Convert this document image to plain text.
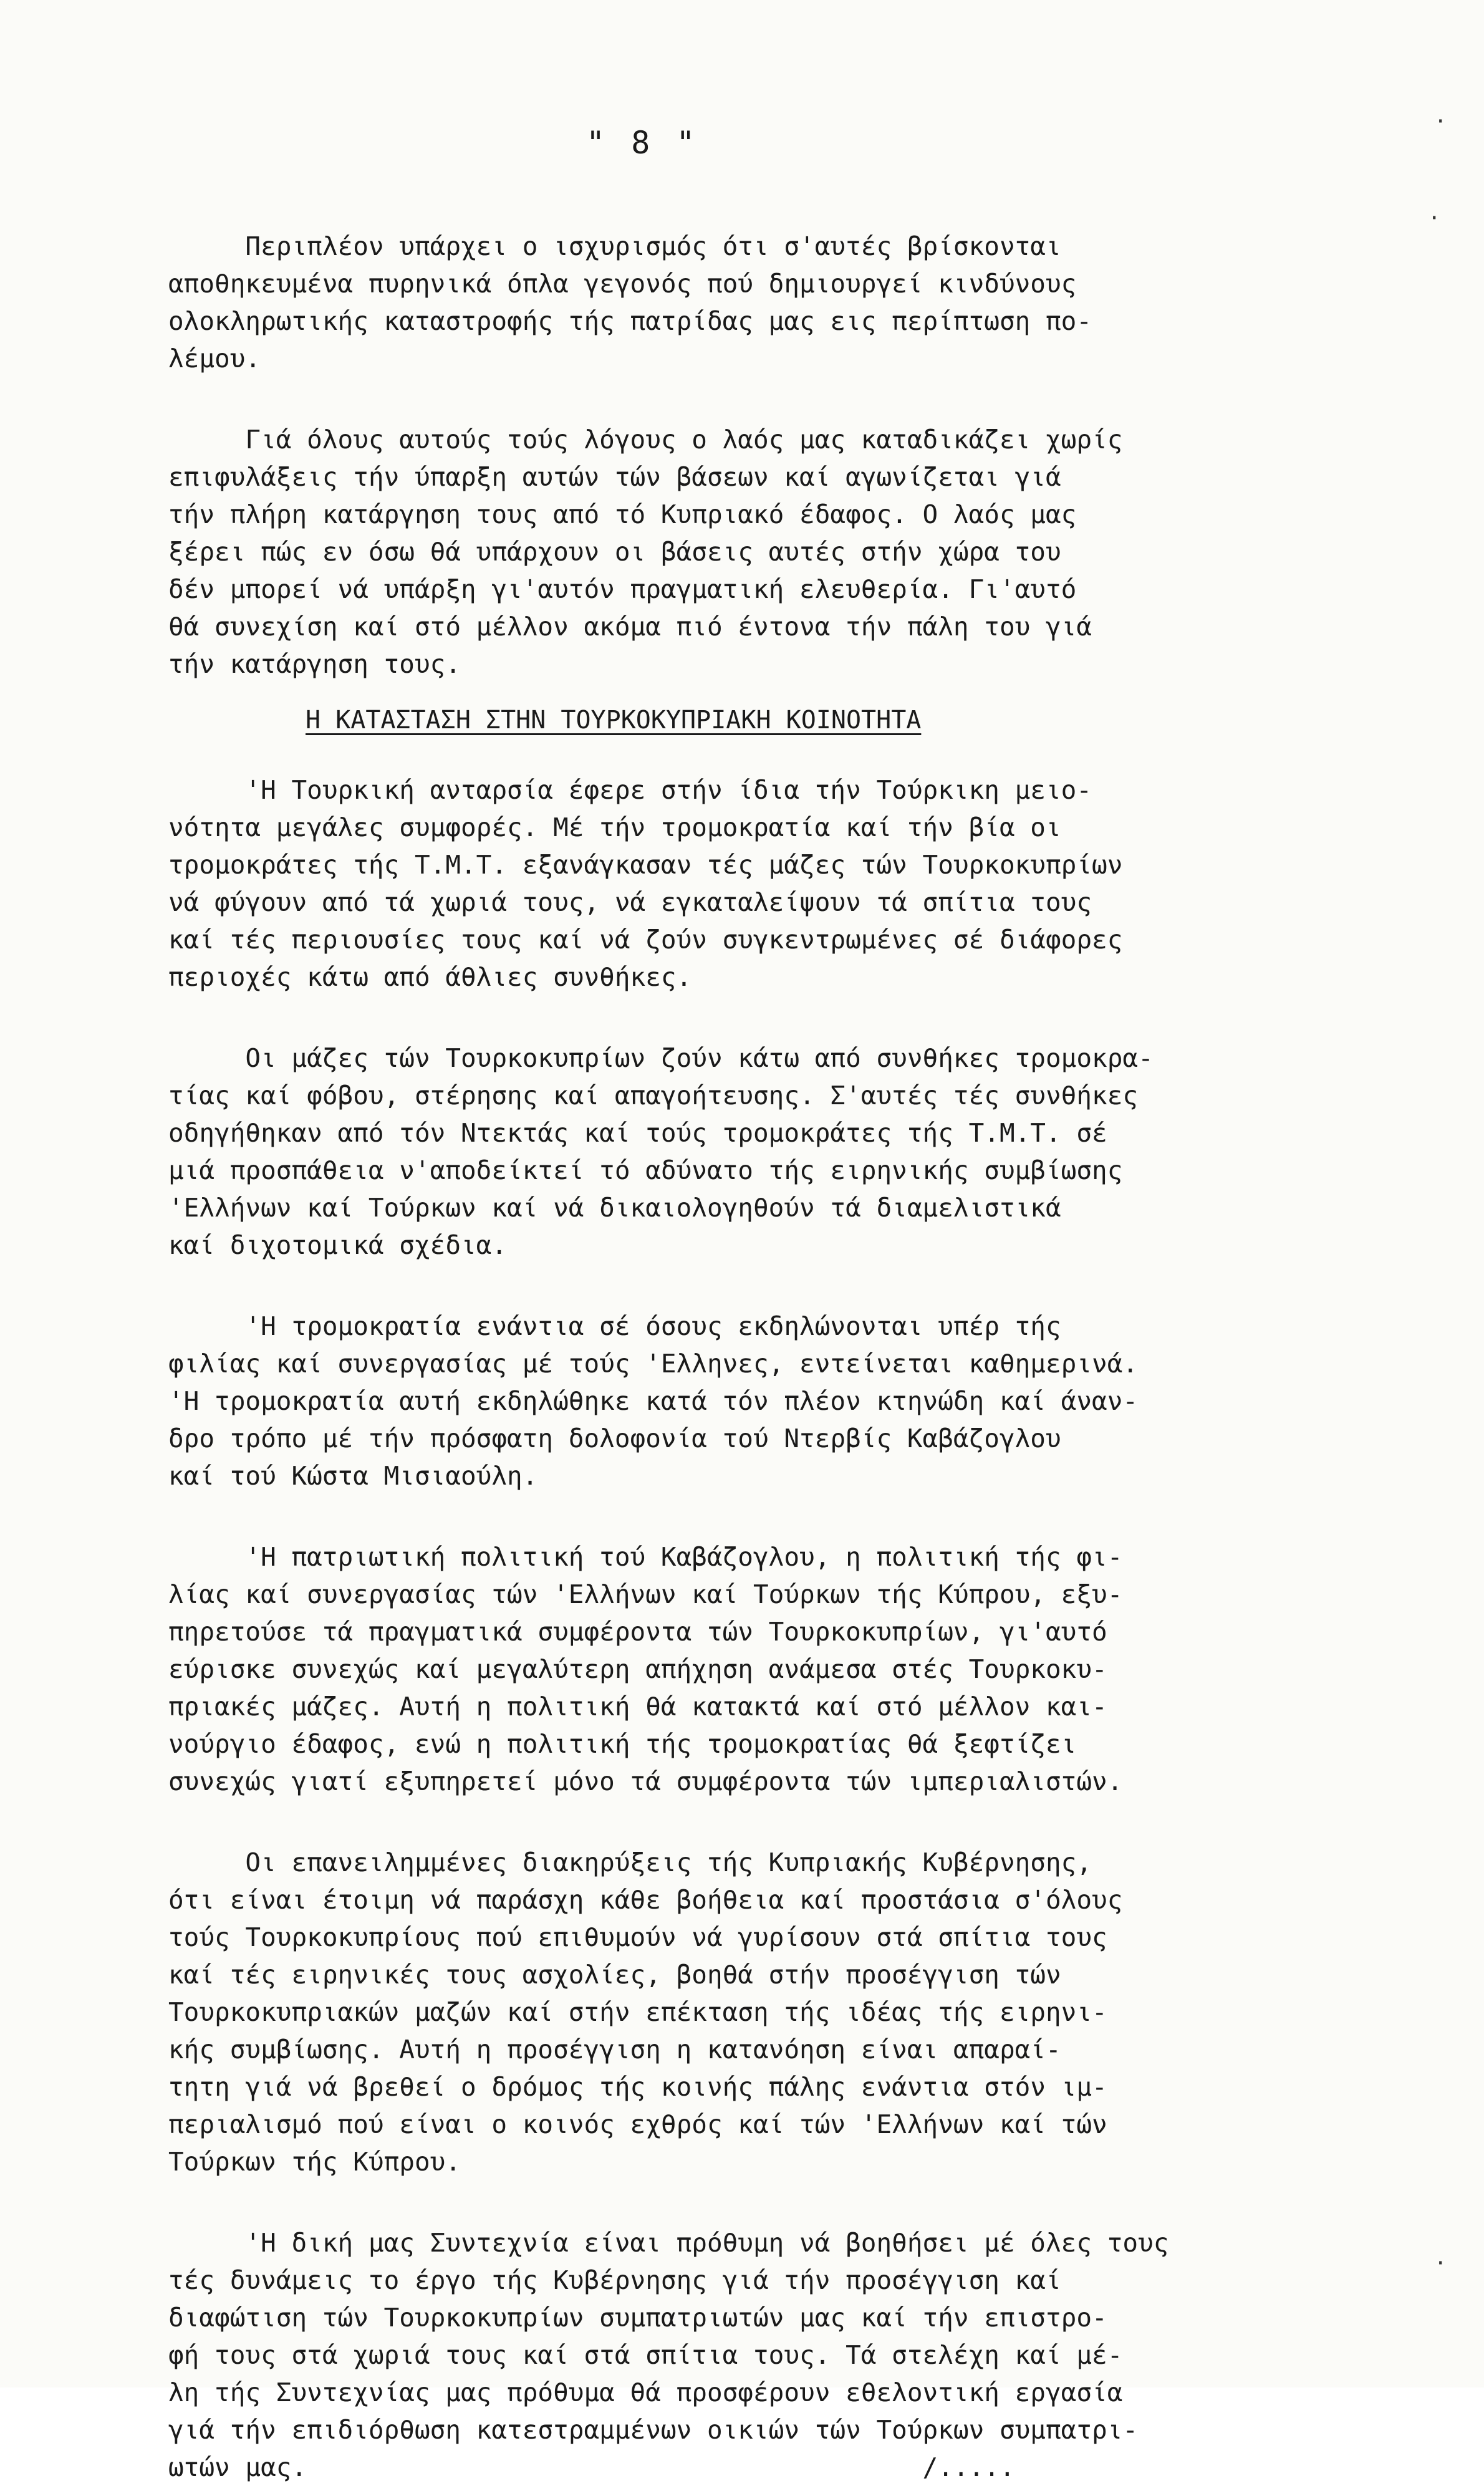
" 8 "
Περιπλέον υπάρχει ο ισχυρισμός ότι σ'αυτές βρίσκονται
αποθηκευμένα πυρηνικά όπλα γεγονός πού δημιουργεί κινδύνους
ολοκληρωτικής καταστροφής τής πατρίδας μας εις περίπτωση πο-
λέμου.
Γιά όλους αυτούς τούς λόγους ο λαός μας καταδικάζει χωρίς
επιφυλάξεις τήν ύπαρξη αυτών τών βάσεων καί αγωνίζεται γιά
τήν πλήρη κατάργηση τους από τό Κυπριακό έδαφος. Ο λαός μας
ξέρει πώς εν όσω θά υπάρχουν οι βάσεις αυτές στήν χώρα του
δέν μπορεί νά υπάρξη γι'αυτόν πραγματική ελευθερία. Γι'αυτό
θά συνεχίση καί στό μέλλον ακόμα πιό έντονα τήν πάλη του γιά
τήν κατάργηση τους.
Η ΚΑΤΑΣΤΑΣΗ ΣΤΗΝ ΤΟΥΡΚΟΚΥΠΡΙΑΚΗ ΚΟΙΝΟΤΗΤΑ
'Η Τουρκική ανταρσία έφερε στήν ίδια τήν Τούρκικη μειο-
νότητα μεγάλες συμφορές. Μέ τήν τρομοκρατία καί τήν βία οι
τρομοκράτες τής Τ.Μ.Τ. εξανάγκασαν τές μάζες τών Τουρκοκυπρίων
νά φύγουν από τά χωριά τους, νά εγκαταλείψουν τά σπίτια τους
καί τές περιουσίες τους καί νά ζούν συγκεντρωμένες σέ διάφορες
περιοχές κάτω από άθλιες συνθήκες.
Οι μάζες τών Τουρκοκυπρίων ζούν κάτω από συνθήκες τρομοκρα-
τίας καί φόβου, στέρησης καί απαγοήτευσης. Σ'αυτές τές συνθήκες
οδηγήθηκαν από τόν Ντεκτάς καί τούς τρομοκράτες τής Τ.Μ.Τ. σέ
μιά προσπάθεια ν'αποδείκτεί τό αδύνατο τής ειρηνικής συμβίωσης
'Ελλήνων καί Τούρκων καί νά δικαιολογηθούν τά διαμελιστικά
καί διχοτομικά σχέδια.
'Η τρομοκρατία ενάντια σέ όσους εκδηλώνονται υπέρ τής
φιλίας καί συνεργασίας μέ τούς 'Ελληνες, εντείνεται καθημερινά.
'Η τρομοκρατία αυτή εκδηλώθηκε κατά τόν πλέον κτηνώδη καί άναν-
δρο τρόπο μέ τήν πρόσφατη δολοφονία τού Ντερβίς Καβάζογλου
καί τού Κώστα Μισιαούλη.
'Η πατριωτική πολιτική τού Καβάζογλου, η πολιτική τής φι-
λίας καί συνεργασίας τών 'Ελλήνων καί Τούρκων τής Κύπρου, εξυ-
πηρετούσε τά πραγματικά συμφέροντα τών Τουρκοκυπρίων, γι'αυτό
εύρισκε συνεχώς καί μεγαλύτερη απήχηση ανάμεσα στές Τουρκοκυ-
πριακές μάζες. Αυτή η πολιτική θά κατακτά καί στό μέλλον και-
νούργιο έδαφος, ενώ η πολιτική τής τρομοκρατίας θά ξεφτίζει
συνεχώς γιατί εξυπηρετεί μόνο τά συμφέροντα τών ιμπεριαλιστών.
Οι επανειλημμένες διακηρύξεις τής Κυπριακής Κυβέρνησης,
ότι είναι έτοιμη νά παράσχη κάθε βοήθεια καί προστάσια σ'όλους
τούς Τουρκοκυπρίους πού επιθυμούν νά γυρίσουν στά σπίτια τους
καί τές ειρηνικές τους ασχολίες, βοηθά στήν προσέγγιση τών
Τουρκοκυπριακών μαζών καί στήν επέκταση τής ιδέας τής ειρηνι-
κής συμβίωσης. Αυτή η προσέγγιση η κατανόηση είναι απαραί-
τητη γιά νά βρεθεί ο δρόμος τής κοινής πάλης ενάντια στόν ιμ-
περιαλισμό πού είναι ο κοινός εχθρός καί τών 'Ελλήνων καί τών
Τούρκων τής Κύπρου.
'Η δική μας Συντεχνία είναι πρόθυμη νά βοηθήσει μέ όλες τους
τές δυνάμεις το έργο τής Κυβέρνησης γιά τήν προσέγγιση καί
διαφώτιση τών Τουρκοκυπρίων συμπατριωτών μας καί τήν επιστρο-
φή τους στά χωριά τους καί στά σπίτια τους. Τά στελέχη καί μέ-
λη τής Συντεχνίας μας πρόθυμα θά προσφέρουν εθελοντική εργασία
γιά τήν επιδιόρθωση κατεστραμμένων οικιών τών Τούρκων συμπατρι-
ωτών μας.                                        /.....
·
·
·
